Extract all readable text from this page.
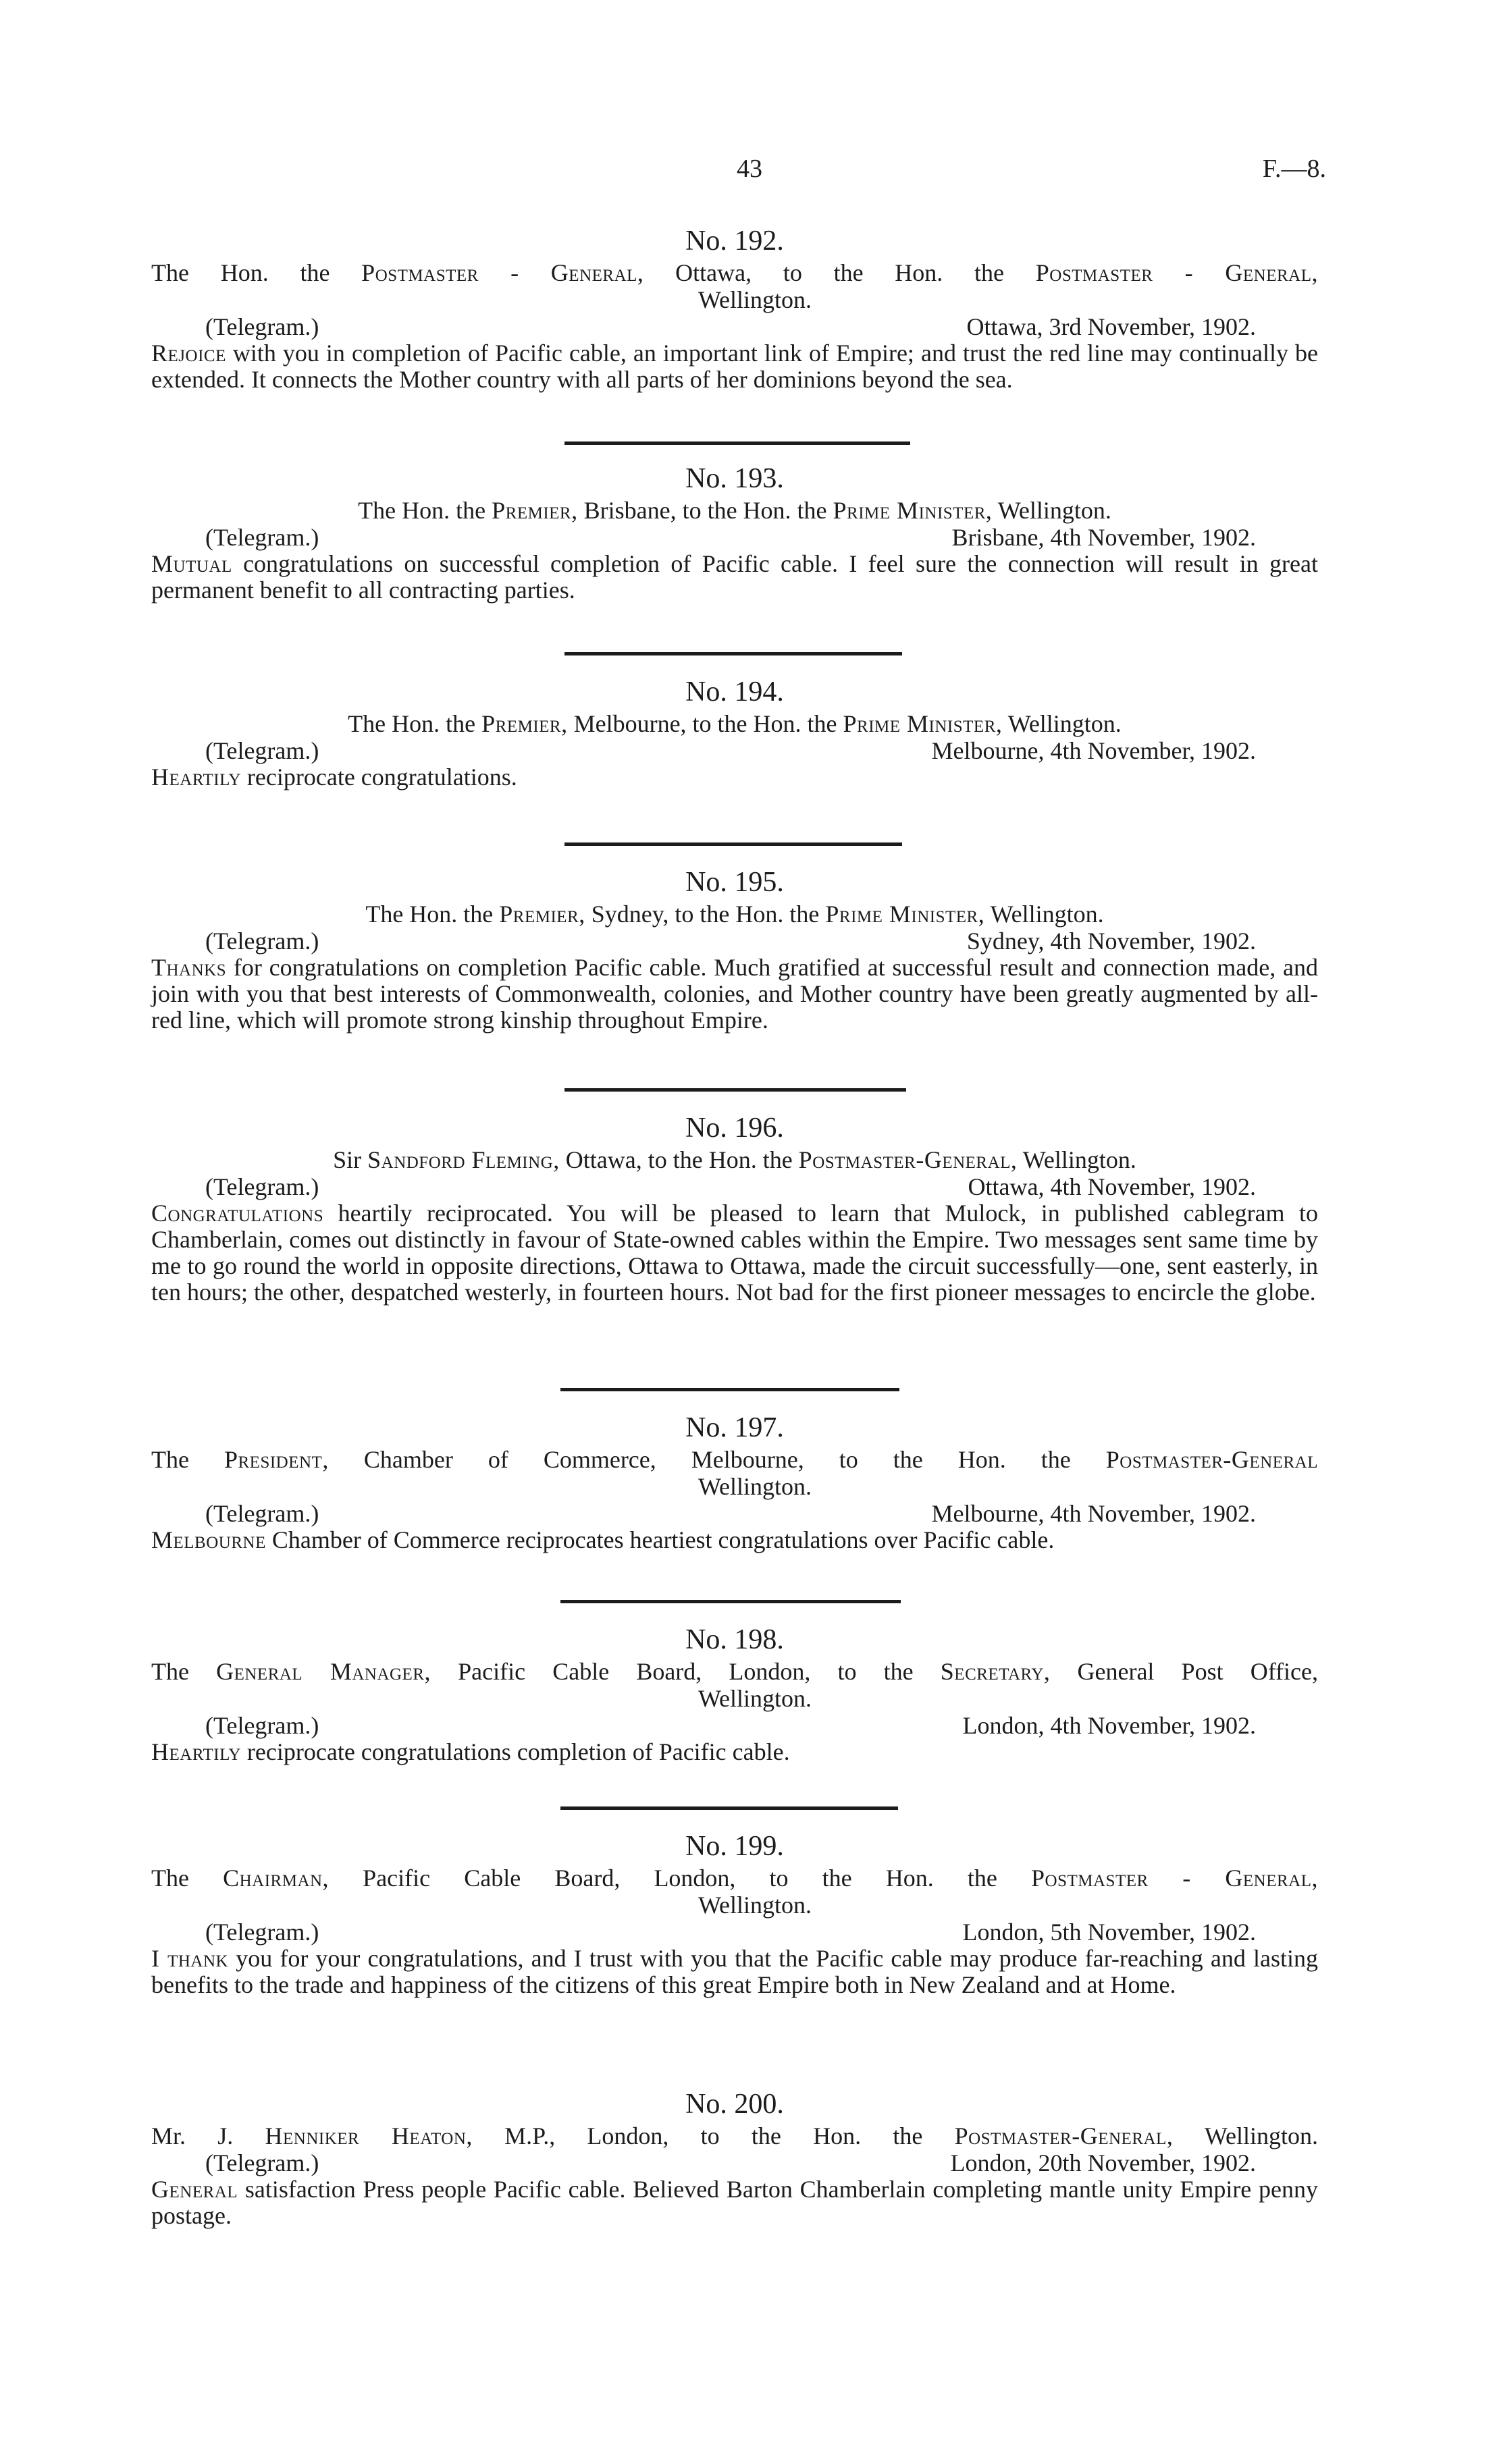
43	F.—8.
No. 192.
The Hon. the Postmaster - General, Ottawa, to the Hon. the Postmaster - General,
Wellington.
(Telegram.)	Ottawa, 3rd November, 1902.
Rejoice with you in completion of Pacific cable, an important link of Empire; and trust the red line may continually be extended. It connects the Mother country with all parts of her dominions beyond the sea.
No. 193.
The Hon. the Premier, Brisbane, to the Hon. the Prime Minister, Wellington.
(Telegram.)	Brisbane, 4th November, 1902.
Mutual congratulations on successful completion of Pacific cable. I feel sure the connection will result in great permanent benefit to all contracting parties.
No. 194.
The Hon. the Premier, Melbourne, to the Hon. the Prime Minister, Wellington.
(Telegram.)	Melbourne, 4th November, 1902.
Heartily reciprocate congratulations.
No. 195.
The Hon. the Premier, Sydney, to the Hon. the Prime Minister, Wellington.
(Telegram.)	Sydney, 4th November, 1902.
Thanks for congratulations on completion Pacific cable. Much gratified at successful result and connection made, and join with you that best interests of Commonwealth, colonies, and Mother country have been greatly augmented by all-red line, which will promote strong kinship throughout Empire.
No. 196.
Sir Sandford Fleming, Ottawa, to the Hon. the Postmaster-General, Wellington.
(Telegram.)	Ottawa, 4th November, 1902.
Congratulations heartily reciprocated. You will be pleased to learn that Mulock, in published cablegram to Chamberlain, comes out distinctly in favour of State-owned cables within the Empire. Two messages sent same time by me to go round the world in opposite directions, Ottawa to Ottawa, made the circuit successfully—one, sent easterly, in ten hours; the other, despatched westerly, in fourteen hours. Not bad for the first pioneer messages to encircle the globe.
No. 197.
The President, Chamber of Commerce, Melbourne, to the Hon. the Postmaster-General
Wellington.
(Telegram.)	Melbourne, 4th November, 1902.
Melbourne Chamber of Commerce reciprocates heartiest congratulations over Pacific cable.
No. 198.
The General Manager, Pacific Cable Board, London, to the Secretary, General Post Office,
Wellington.
(Telegram.)	London, 4th November, 1902.
Heartily reciprocate congratulations completion of Pacific cable.
No. 199.
The Chairman, Pacific Cable Board, London, to the Hon. the Postmaster - General,
Wellington.
(Telegram.)	London, 5th November, 1902.
I thank you for your congratulations, and I trust with you that the Pacific cable may produce far-reaching and lasting benefits to the trade and happiness of the citizens of this great Empire both in New Zealand and at Home.
No. 200.
Mr. J. Henniker Heaton, M.P., London, to the Hon. the Postmaster-General, Wellington.
(Telegram.)	London, 20th November, 1902.
General satisfaction Press people Pacific cable. Believed Barton Chamberlain completing mantle unity Empire penny postage.
